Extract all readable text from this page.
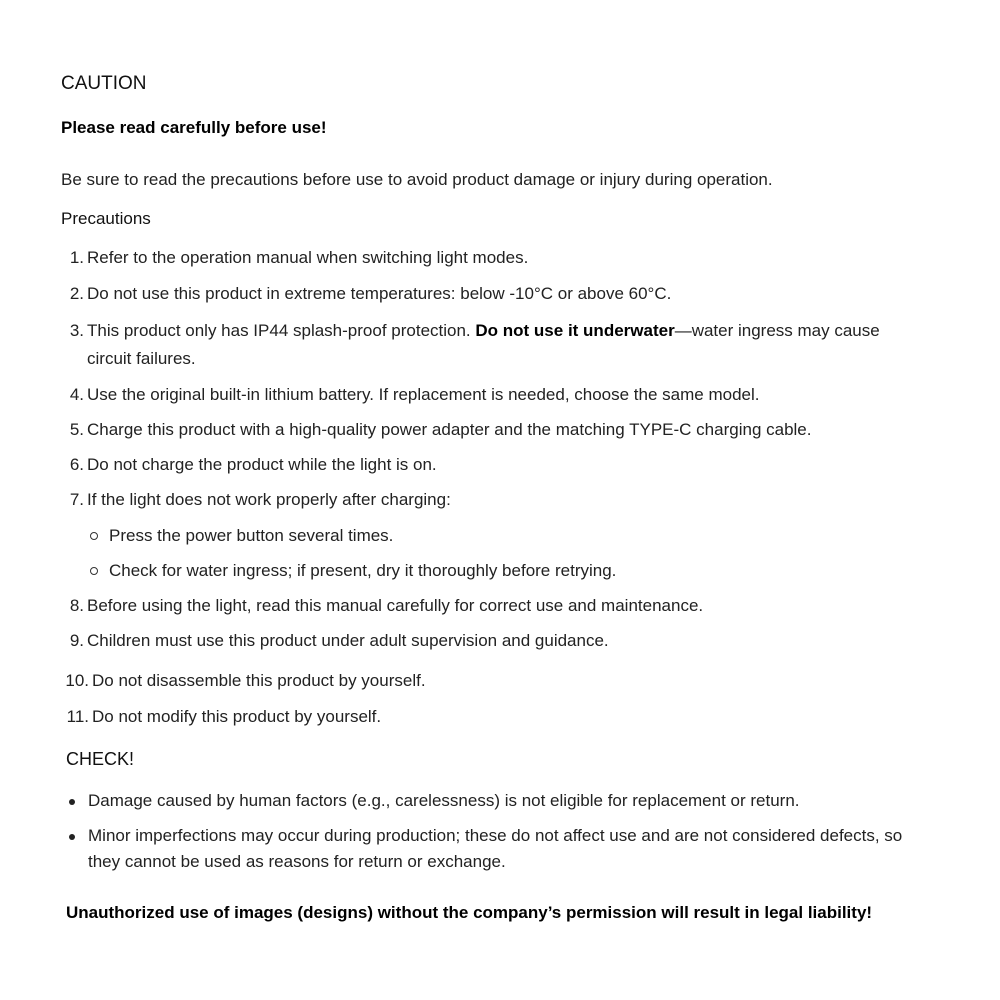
CAUTION
Please read carefully before use!
Be sure to read the precautions before use to avoid product damage or injury during operation.
Precautions
1. Refer to the operation manual when switching light modes.
2. Do not use this product in extreme temperatures: below -10°C or above 60°C.
3. This product only has IP44 splash-proof protection. Do not use it underwater—water ingress may cause
circuit failures.
4. Use the original built-in lithium battery. If replacement is needed, choose the same model.
5. Charge this product with a high-quality power adapter and the matching TYPE-C charging cable.
6. Do not charge the product while the light is on.
7. If the light does not work properly after charging:
Press the power button several times.
Check for water ingress; if present, dry it thoroughly before retrying.
8. Before using the light, read this manual carefully for correct use and maintenance.
9. Children must use this product under adult supervision and guidance.
10. Do not disassemble this product by yourself.
11. Do not modify this product by yourself.
CHECK!
Damage caused by human factors (e.g., carelessness) is not eligible for replacement or return.
Minor imperfections may occur during production; these do not affect use and are not considered defects, so
they cannot be used as reasons for return or exchange.
Unauthorized use of images (designs) without the company’s permission will result in legal liability!
